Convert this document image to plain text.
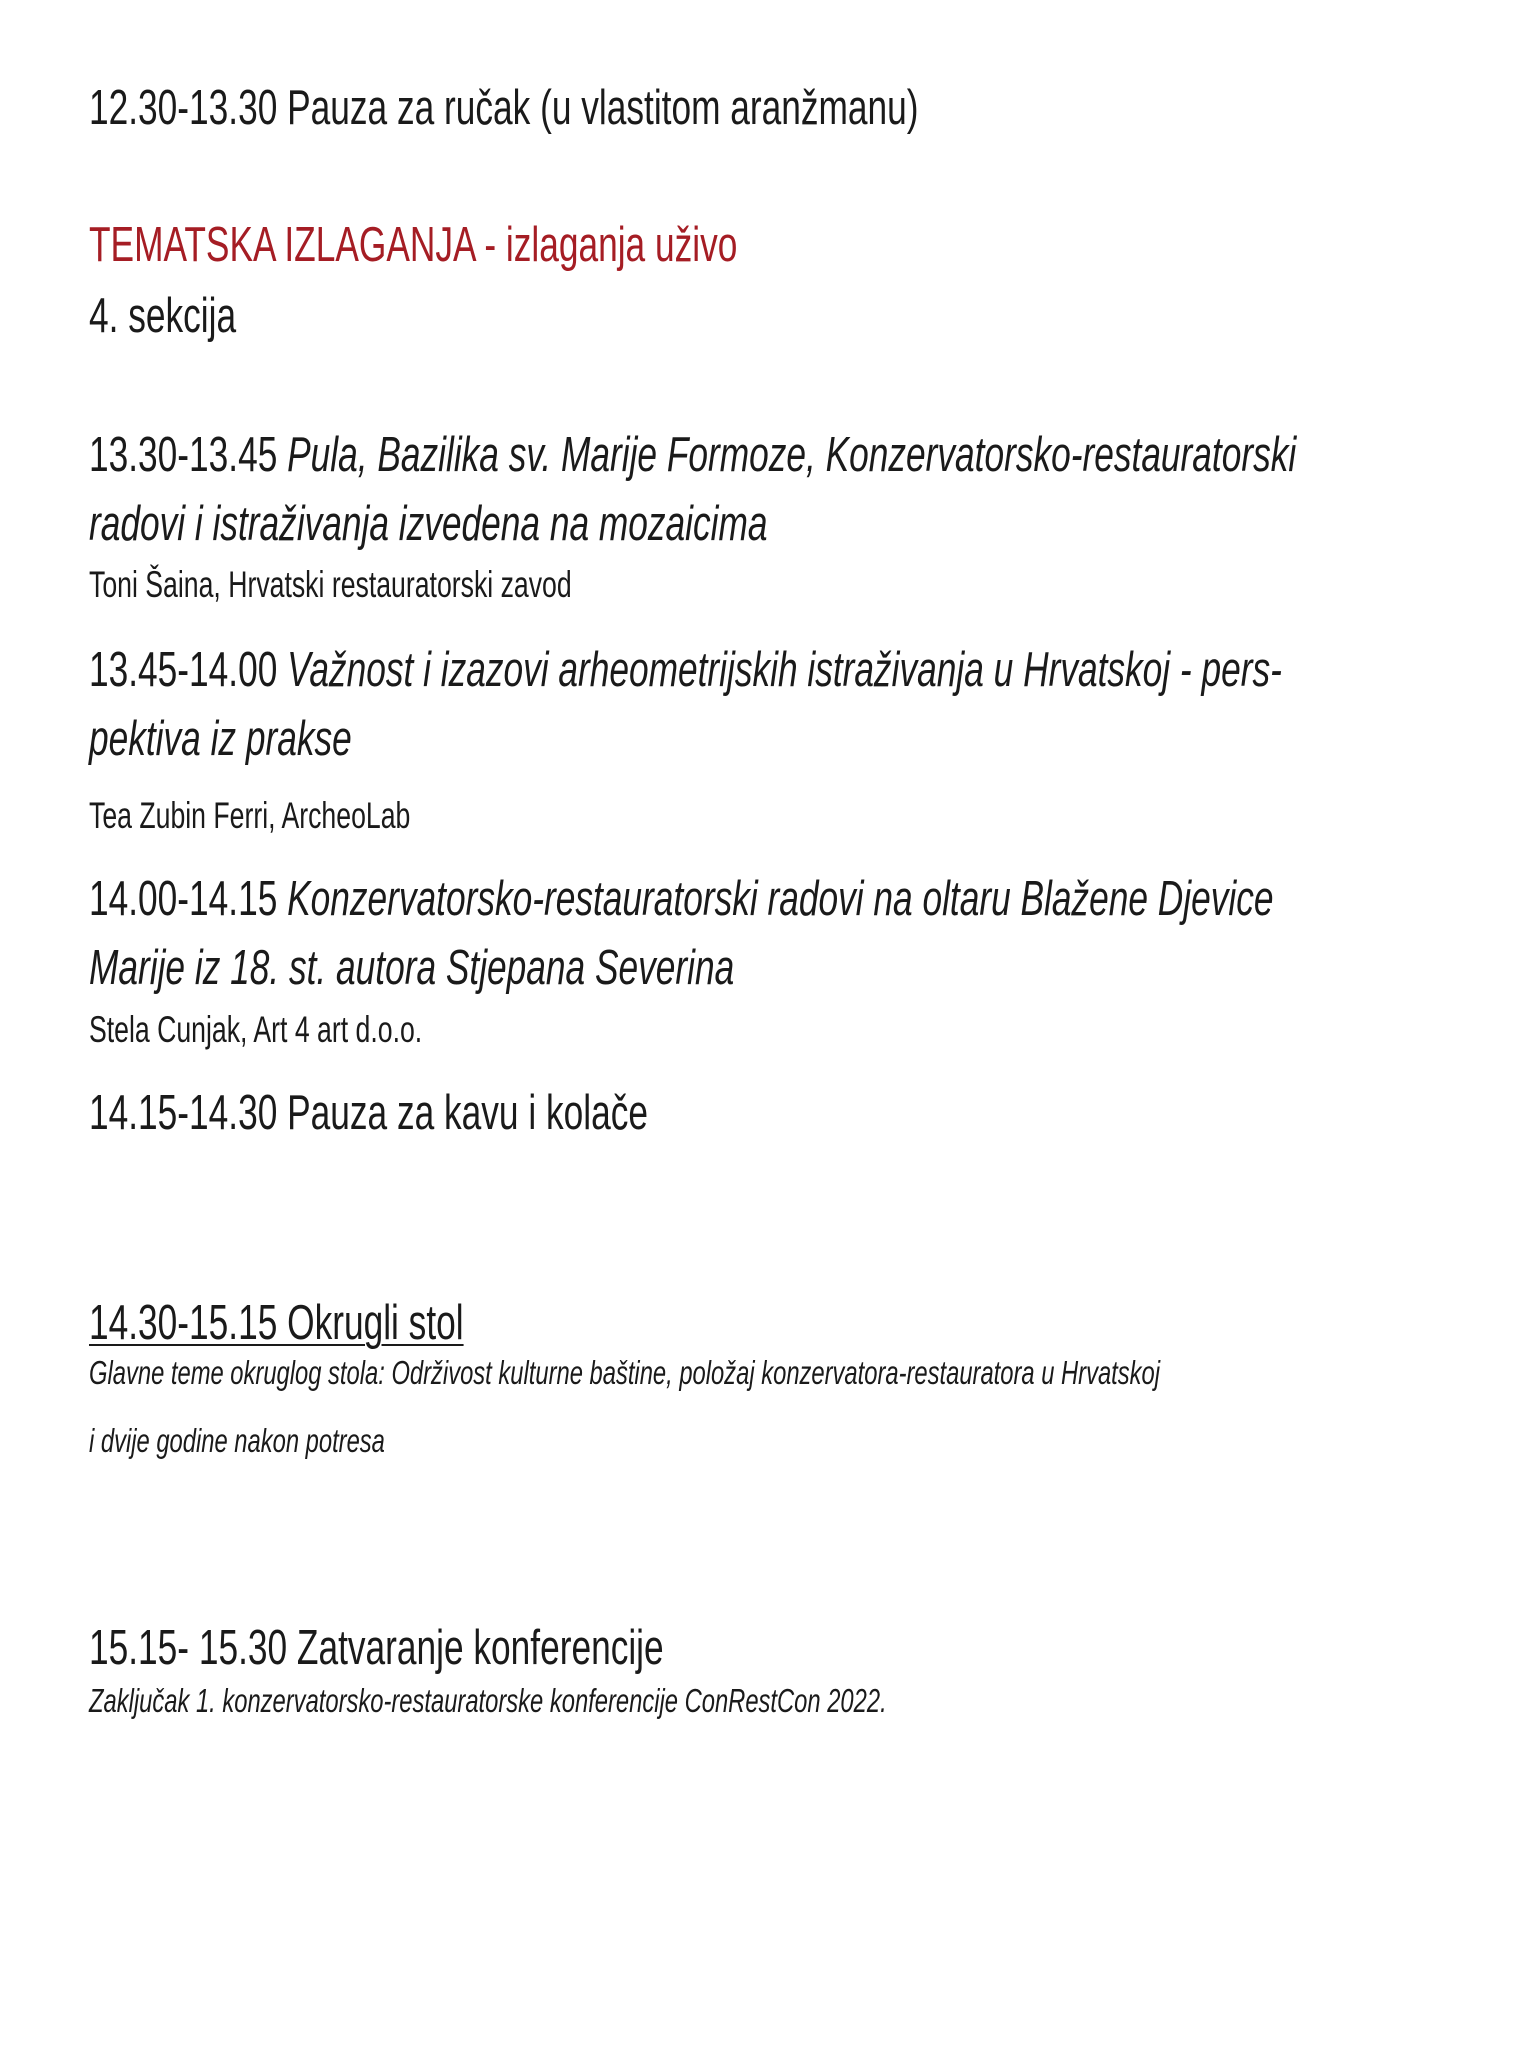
12.30-13.30 Pauza za ručak (u vlastitom aranžmanu)
TEMATSKA IZLAGANJA - izlaganja uživo
4. sekcija
13.30-13.45 Pula, Bazilika sv. Marije Formoze, Konzervatorsko-restauratorski
radovi i istraživanja izvedena na mozaicima
Toni Šaina, Hrvatski restauratorski zavod
13.45-14.00 Važnost i izazovi arheometrijskih istraživanja u Hrvatskoj - pers-
pektiva iz prakse
Tea Zubin Ferri, ArcheoLab
14.00-14.15 Konzervatorsko-restauratorski radovi na oltaru Blažene Djevice
Marije iz 18. st. autora Stjepana Severina
Stela Cunjak, Art 4 art d.o.o.
14.15-14.30 Pauza za kavu i kolače
14.30-15.15 Okrugli stol
Glavne teme okruglog stola: Održivost kulturne baštine, položaj konzervatora-restauratora u Hrvatskoj
i dvije godine nakon potresa
15.15- 15.30 Zatvaranje konferencije
Zaključak 1. konzervatorsko-restauratorske konferencije ConRestCon 2022.
